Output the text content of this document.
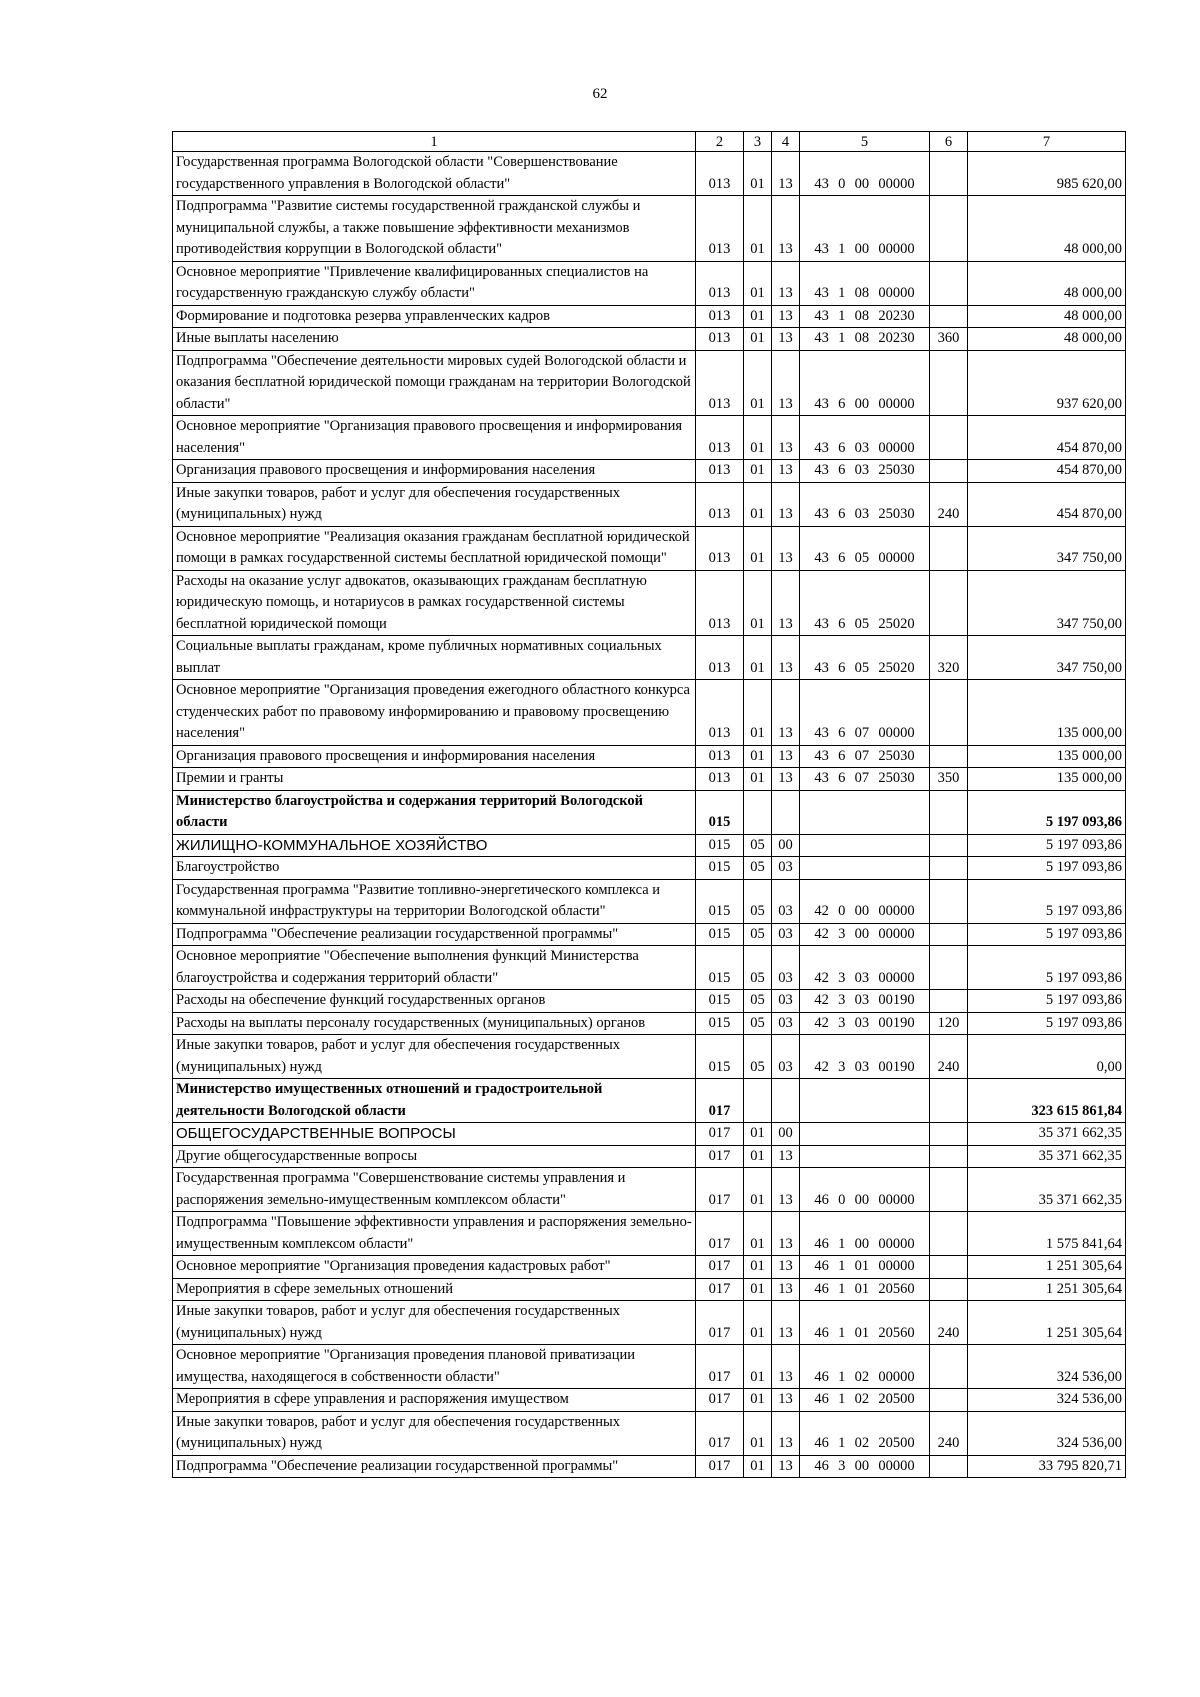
62
1	2	3	4	5	6	7
Государственная программа Вологодской области "Совершенствование государственного управления в Вологодской области"	013	01	13	43  0  00  00000		985 620,00
Подпрограмма "Развитие системы государственной гражданской службы и муниципальной службы, а также повышение эффективности механизмов противодействия коррупции в Вологодской области"	013	01	13	43  1  00  00000		48 000,00
Основное мероприятие "Привлечение квалифицированных специалистов на государственную гражданскую службу области"	013	01	13	43  1  08  00000		48 000,00
Формирование и подготовка резерва управленческих кадров	013	01	13	43  1  08  20230		48 000,00
Иные выплаты населению	013	01	13	43  1  08  20230	360	48 000,00
Подпрограмма "Обеспечение деятельности мировых судей Вологодской области и оказания бесплатной юридической помощи гражданам на территории Вологодской области"	013	01	13	43  6  00  00000		937 620,00
Основное мероприятие "Организация правового просвещения и информирования населения"	013	01	13	43  6  03  00000		454 870,00
Организация правового просвещения и информирования населения	013	01	13	43  6  03  25030		454 870,00
Иные закупки товаров, работ и услуг для обеспечения государственных (муниципальных) нужд	013	01	13	43  6  03  25030	240	454 870,00
Основное мероприятие "Реализация оказания гражданам бесплатной юридической помощи в рамках государственной системы бесплатной юридической помощи"	013	01	13	43  6  05  00000		347 750,00
Расходы на оказание услуг адвокатов, оказывающих гражданам бесплатную юридическую помощь, и нотариусов в рамках государственной системы бесплатной юридической помощи	013	01	13	43  6  05  25020		347 750,00
Социальные выплаты гражданам, кроме публичных нормативных социальных выплат	013	01	13	43  6  05  25020	320	347 750,00
Основное мероприятие "Организация проведения ежегодного областного конкурса студенческих работ по правовому информированию и правовому просвещению населения"	013	01	13	43  6  07  00000		135 000,00
Организация правового просвещения и информирования населения	013	01	13	43  6  07  25030		135 000,00
Премии и гранты	013	01	13	43  6  07  25030	350	135 000,00
Министерство благоустройства и содержания территорий Вологодской области	015					5 197 093,86
ЖИЛИЩНО-КОММУНАЛЬНОЕ ХОЗЯЙСТВО	015	05	00			5 197 093,86
Благоустройство	015	05	03			5 197 093,86
Государственная программа "Развитие топливно-энергетического комплекса и коммунальной инфраструктуры на территории Вологодской области"	015	05	03	42  0  00  00000		5 197 093,86
Подпрограмма "Обеспечение реализации государственной программы"	015	05	03	42  3  00  00000		5 197 093,86
Основное мероприятие "Обеспечение выполнения функций Министерства благоустройства и содержания территорий области"	015	05	03	42  3  03  00000		5 197 093,86
Расходы на обеспечение функций государственных органов	015	05	03	42  3  03  00190		5 197 093,86
Расходы на выплаты персоналу государственных (муниципальных) органов	015	05	03	42  3  03  00190	120	5 197 093,86
Иные закупки товаров, работ и услуг для обеспечения государственных (муниципальных) нужд	015	05	03	42  3  03  00190	240	0,00
Министерство имущественных отношений и градостроительной деятельности Вологодской области	017					323 615 861,84
ОБЩЕГОСУДАРСТВЕННЫЕ ВОПРОСЫ	017	01	00			35 371 662,35
Другие общегосударственные вопросы	017	01	13			35 371 662,35
Государственная программа "Совершенствование системы управления и распоряжения земельно-имущественным комплексом области"	017	01	13	46  0  00  00000		35 371 662,35
Подпрограмма "Повышение эффективности управления и распоряжения земельно-имущественным комплексом области"	017	01	13	46  1  00  00000		1 575 841,64
Основное мероприятие "Организация проведения кадастровых работ"	017	01	13	46  1  01  00000		1 251 305,64
Мероприятия в сфере земельных отношений	017	01	13	46  1  01  20560		1 251 305,64
Иные закупки товаров, работ и услуг для обеспечения государственных (муниципальных) нужд	017	01	13	46  1  01  20560	240	1 251 305,64
Основное мероприятие "Организация проведения плановой приватизации имущества, находящегося в собственности области"	017	01	13	46  1  02  00000		324 536,00
Мероприятия в сфере управления и распоряжения имуществом	017	01	13	46  1  02  20500		324 536,00
Иные закупки товаров, работ и услуг для обеспечения государственных (муниципальных) нужд	017	01	13	46  1  02  20500	240	324 536,00
Подпрограмма "Обеспечение реализации государственной программы"	017	01	13	46  3  00  00000		33 795 820,71
